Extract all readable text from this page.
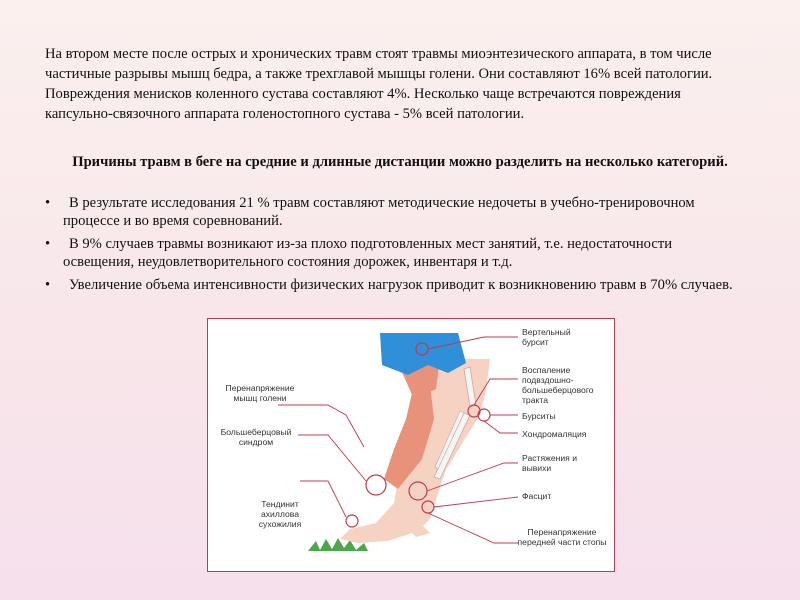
На втором месте после острых и хронических травм стоят травмы миоэнтезического аппарата, в том числе частичные разрывы мышц бедра, а также трехглавой мышцы голени. Они составляют 16% всей патологии. Повреждения менисков коленного сустава составляют 4%. Несколько чаще встречаются повреждения капсульно-связочного аппарата голеностопного сустава - 5% всей патологии.

Причины травм в беге на средние и длинные дистанции можно разделить на несколько категорий.

• В результате исследования 21 % травм составляют методические недочеты в учебно-тренировочном процессе и во время соревнований.
• В 9% случаев травмы возникают из-за плохо подготовленных мест занятий, т.е. недостаточности освещения, неудовлетворительного состояния дорожек, инвентаря и т.д.
• Увеличение объема интенсивности физических нагрузок приводит к возникновению травм в 70% случаев.
Перенапряжение мышц голени
Большеберцовый синдром
Тендинит ахиллова сухожилия
Вертельный бурсит
Воспаление подвздошно-большеберцового тракта
Бурситы
Хондромаляция
Растяжения и вывихи
Фасцит
Перенапряжение передней части стопы
